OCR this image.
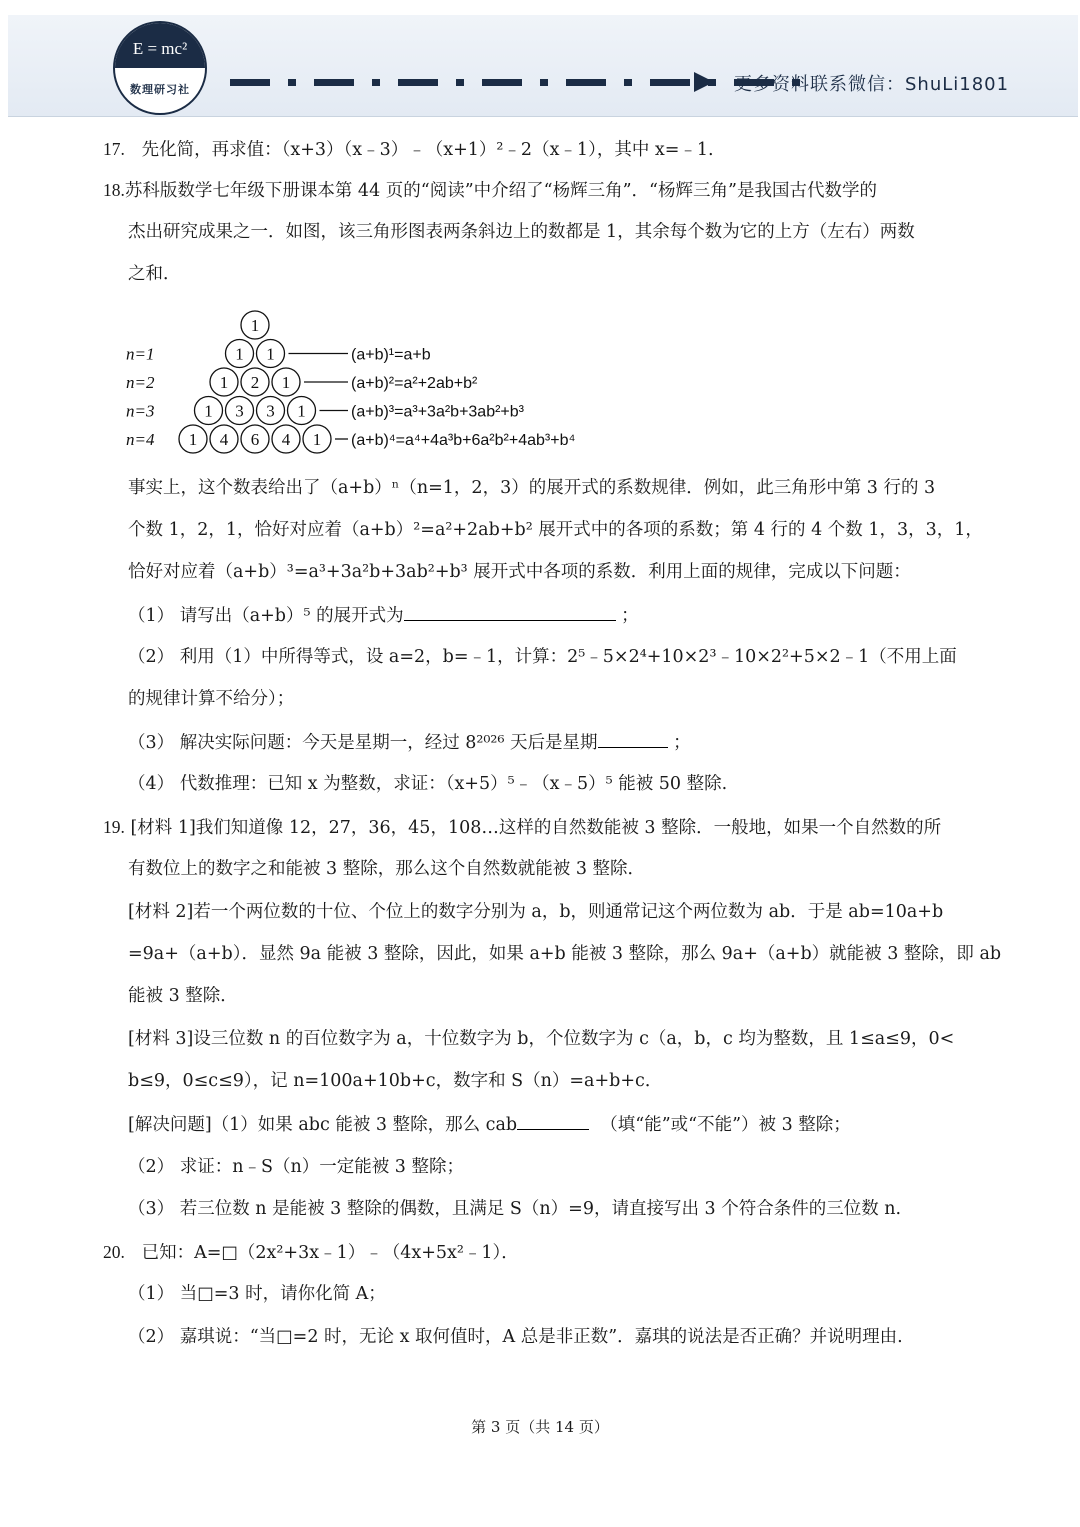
E = mc²
数理研习社	更多资料联系微信：ShuLi1801
17. 先化简，再求值：（x+3）（x﹣3）﹣（x+1）²﹣2（x﹣1），其中 x=﹣1.
18.苏科版数学七年级下册课本第 44 页的“阅读”中介绍了“杨辉三角”．“杨辉三角”是我国古代数学的
杰出研究成果之一．如图，该三角形图表两条斜边上的数都是 1，其余每个数为它的上方（左右）两数
之和．
1
1 1
1 2 1
1 3 3 1
1 4 6 4 1
n=1
n=2
n=3
n=4
(a+b)¹=a+b
(a+b)²=a²+2ab+b²
(a+b)³=a³+3a²b+3ab²+b³
(a+b)⁴=a⁴+4a³b+6a²b²+4ab³+b⁴
事实上，这个数表给出了（a+b）ⁿ（n=1，2，3）的展开式的系数规律．例如，此三角形中第 3 行的 3
个数 1，2，1，恰好对应着（a+b）²=a²+2ab+b² 展开式中的各项的系数；第 4 行的 4 个数 1，3，3，1，
恰好对应着（a+b）³=a³+3a²b+3ab²+b³ 展开式中各项的系数．利用上面的规律，完成以下问题：
（1） 请写出（a+b）⁵ 的展开式为	；
（2） 利用（1）中所得等式，设 a=2，b=﹣1，计算：2⁵﹣5×2⁴+10×2³﹣10×2²+5×2﹣1（不用上面
的规律计算不给分）；
（3） 解决实际问题：今天是星期一，经过 8²⁰²⁶ 天后是星期	；
（4） 代数推理：已知 x 为整数，求证：（x+5）⁵﹣（x﹣5）⁵ 能被 50 整除.
19. [材料 1]我们知道像 12，27，36，45，108…这样的自然数能被 3 整除．一般地，如果一个自然数的所
有数位上的数字之和能被 3 整除，那么这个自然数就能被 3 整除．
[材料 2]若一个两位数的十位、个位上的数字分别为 a，b，则通常记这个两位数为 ab．于是 ab=10a+b
=9a+（a+b）．显然 9a 能被 3 整除，因此，如果 a+b 能被 3 整除，那么 9a+（a+b）就能被 3 整除，即 ab
能被 3 整除．
[材料 3]设三位数 n 的百位数字为 a，十位数字为 b，个位数字为 c（a，b，c 均为整数，且 1≤a≤9，0<
b≤9，0≤c≤9），记 n=100a+10b+c，数字和 S（n）=a+b+c．
[解决问题]（1）如果 abc 能被 3 整除，那么 cab	（填“能”或“不能”）被 3 整除；
（2） 求证：n﹣S（n）一定能被 3 整除；
（3） 若三位数 n 是能被 3 整除的偶数，且满足 S（n）=9，请直接写出 3 个符合条件的三位数 n.
20. 已知：A=□（2x²+3x﹣1）﹣（4x+5x²﹣1）．
（1） 当□=3 时，请你化简 A；
（2） 嘉琪说：“当□=2 时，无论 x 取何值时，A 总是非正数”．嘉琪的说法是否正确？并说明理由.
第 3 页（共 14 页）
